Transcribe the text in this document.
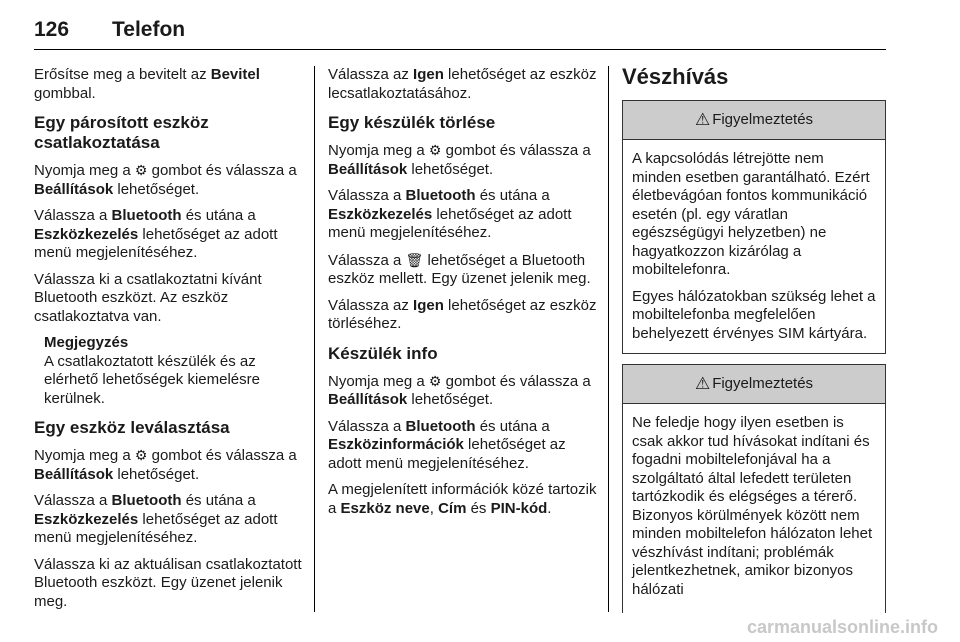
126 Telefon

Erősítse meg a bevitelt az Bevitel gombbal.

Egy párosított eszköz csatlakoztatása

Nyomja meg a ⚙ gombot és válassza a Beállítások lehetőséget.

Válassza a Bluetooth és utána a Eszközkezelés lehetőséget az adott menü megjelenítéséhez.

Válassza ki a csatlakoztatni kívánt Bluetooth eszközt. Az eszköz csatlakoztatva van.

Megjegyzés
A csatlakoztatott készülék és az elérhető lehetőségek kiemelésre kerülnek.
Egy eszköz leválasztása

Nyomja meg a ⚙ gombot és válassza a Beállítások lehetőséget.

Válassza a Bluetooth és utána a Eszközkezelés lehetőséget az adott menü megjelenítéséhez.

Válassza ki az aktuálisan csatlakoztatott Bluetooth eszközt. Egy üzenet jelenik meg.

Válassza az Igen lehetőséget az eszköz lecsatlakoztatásához.

Egy készülék törlése

Nyomja meg a ⚙ gombot és válassza a Beállítások lehetőséget.

Válassza a Bluetooth és utána a Eszközkezelés lehetőséget az adott menü megjelenítéséhez.

Válassza a 🗑 lehetőséget a Bluetooth eszköz mellett. Egy üzenet jelenik meg.

Válassza az Igen lehetőséget az eszköz törléséhez.

Készülék info

Nyomja meg a ⚙ gombot és válassza a Beállítások lehetőséget.

Válassza a Bluetooth és utána a Eszközinformációk lehetőséget az adott menü megjelenítéséhez.

A megjelenített információk közé tartozik a Eszköz neve, Cím és PIN-kód.

Vészhívás
⚠ Figyelmeztetés

A kapcsolódás létrejötte nem minden esetben garantálható. Ezért életbevágóan fontos kommunikáció esetén (pl. egy váratlan egészségügyi helyzetben) ne hagyatkozzon kizárólag a mobiltelefonra.

Egyes hálózatokban szükség lehet a mobiltelefonba megfelelően behelyezett érvényes SIM kártyára.

⚠ Figyelmeztetés

Ne feledje hogy ilyen esetben is csak akkor tud hívásokat indítani és fogadni mobiltelefonjával ha a szolgáltató által lefedett területen tartózkodik és elégséges a térerő. Bizonyos körülmények között nem minden mobiltelefon hálózaton lehet vészhívást indítani; problémák jelentkezhetnek, amikor bizonyos hálózati

carmanualsonline.info
